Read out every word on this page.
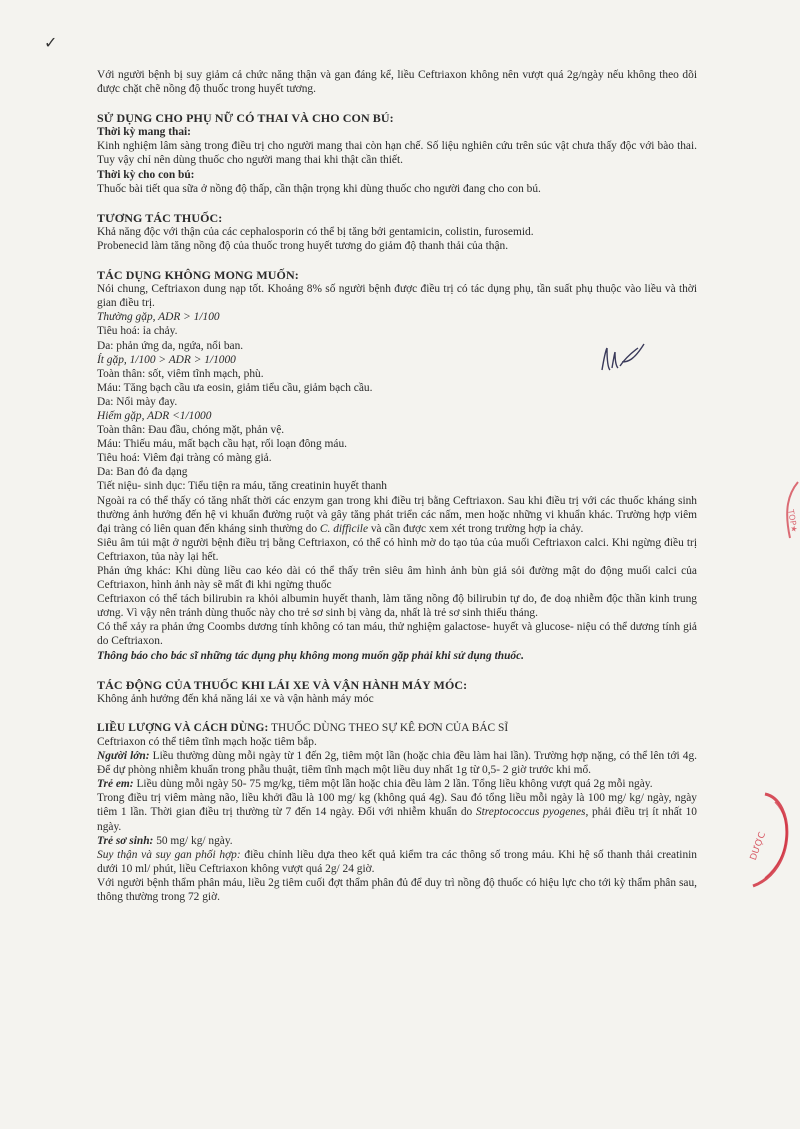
✓
TOP★
DƯỢC

Với người bệnh bị suy giảm cả chức năng thận và gan đáng kể, liều Ceftriaxon không nên vượt quá 2g/ngày nếu không theo dõi được chặt chẽ nồng độ thuốc trong huyết tương.

SỬ DỤNG CHO PHỤ NỮ CÓ THAI VÀ CHO CON BÚ:

Thời kỳ mang thai:

Kinh nghiệm lâm sàng trong điều trị cho người mang thai còn hạn chế. Số liệu nghiên cứu trên súc vật chưa thấy độc với bào thai. Tuy vậy chỉ nên dùng thuốc cho người mang thai khi thật cần thiết.

Thời kỳ cho con bú:

Thuốc bài tiết qua sữa ở nồng độ thấp, cần thận trọng khi dùng thuốc cho người đang cho con bú.

TƯƠNG TÁC THUỐC:

Khả năng độc với thận của các cephalosporin có thể bị tăng bởi gentamicin, colistin, furosemid.

Probenecid làm tăng nồng độ của thuốc trong huyết tương do giảm độ thanh thải của thận.

TÁC DỤNG KHÔNG MONG MUỐN:

Nói chung, Ceftriaxon dung nạp tốt. Khoảng 8% số người bệnh được điều trị có tác dụng phụ, tần suất phụ thuộc vào liều và thời gian điều trị.

Thường gặp, ADR > 1/100

Tiêu hoá: ỉa chảy.

Da: phản ứng da, ngứa, nổi ban.

Ít gặp, 1/100 > ADR > 1/1000

Toàn thân: sốt, viêm tĩnh mạch, phù.

Máu: Tăng bạch cầu ưa eosin, giảm tiểu cầu, giảm bạch cầu.

Da: Nổi mày đay.

Hiếm gặp, ADR <1/1000

Toàn thân: Đau đầu, chóng mặt, phản vệ.

Máu: Thiếu máu, mất bạch cầu hạt, rối loạn đông máu.

Tiêu hoá: Viêm đại tràng có màng giả.

Da: Ban đỏ đa dạng

Tiết niệu- sinh dục: Tiểu tiện ra máu, tăng creatinin huyết thanh

Ngoài ra có thể thấy có tăng nhất thời các enzym gan trong khi điều trị bằng Ceftriaxon. Sau khi điều trị với các thuốc kháng sinh thường ảnh hưởng đến hệ vi khuẩn đường ruột và gây tăng phát triển các nấm, men hoặc những vi khuẩn khác. Trường hợp viêm đại tràng có liên quan đến kháng sinh thường do C. difficile và cần được xem xét trong trường hợp ỉa chảy.

Siêu âm túi mật ở người bệnh điều trị bằng Ceftriaxon, có thể có hình mờ do tạo tủa của muối Ceftriaxon calci. Khi ngừng điều trị Ceftriaxon, tủa này lại hết.

Phản ứng khác: Khi dùng liều cao kéo dài có thể thấy trên siêu âm hình ảnh bùn giả sỏi đường mật do động muối calci của Ceftriaxon, hình ảnh này sẽ mất đi khi ngừng thuốc

Ceftriaxon có thể tách bilirubin ra khỏi albumin huyết thanh, làm tăng nồng độ bilirubin tự do, đe doạ nhiễm độc thần kinh trung ương. Vì vậy nên tránh dùng thuốc này cho trẻ sơ sinh bị vàng da, nhất là trẻ sơ sinh thiếu tháng.

Có thể xảy ra phản ứng Coombs dương tính không có tan máu, thử nghiệm galactose- huyết và glucose- niệu có thể dương tính giả do Ceftriaxon.

Thông báo cho bác sĩ những tác dụng phụ không mong muốn gặp phải khi sử dụng thuốc.

TÁC ĐỘNG CỦA THUỐC KHI LÁI XE VÀ VẬN HÀNH MÁY MÓC:

Không ảnh hưởng đến khả năng lái xe và vận hành máy móc

LIỀU LƯỢNG VÀ CÁCH DÙNG: THUỐC DÙNG THEO SỰ KÊ ĐƠN CỦA BÁC SĨ

Ceftriaxon có thể tiêm tĩnh mạch hoặc tiêm bắp.

Người lớn: Liều thường dùng mỗi ngày từ 1 đến 2g, tiêm một lần (hoặc chia đều làm hai lần). Trường hợp nặng, có thể lên tới 4g. Để dự phòng nhiễm khuẩn trong phẫu thuật, tiêm tĩnh mạch một liều duy nhất 1g từ 0,5- 2 giờ trước khi mổ.

Trẻ em: Liều dùng mỗi ngày 50- 75 mg/kg, tiêm một lần hoặc chia đều làm 2 lần. Tổng liều không vượt quá 2g mỗi ngày.

Trong điều trị viêm màng não, liều khởi đầu là 100 mg/ kg (không quá 4g). Sau đó tổng liều mỗi ngày là 100 mg/ kg/ ngày, ngày tiêm 1 lần. Thời gian điều trị thường từ 7 đến 14 ngày. Đối với nhiễm khuẩn do Streptococcus pyogenes, phải điều trị ít nhất 10 ngày.

Trẻ sơ sinh: 50 mg/ kg/ ngày.

Suy thận và suy gan phối hợp: điều chỉnh liều dựa theo kết quả kiểm tra các thông số trong máu. Khi hệ số thanh thải creatinin dưới 10 ml/ phút, liều Ceftriaxon không vượt quá 2g/ 24 giờ.

Với người bệnh thẩm phân máu, liều 2g tiêm cuối đợt thẩm phân đủ để duy trì nồng độ thuốc có hiệu lực cho tới kỳ thẩm phân sau, thông thường trong 72 giờ.
